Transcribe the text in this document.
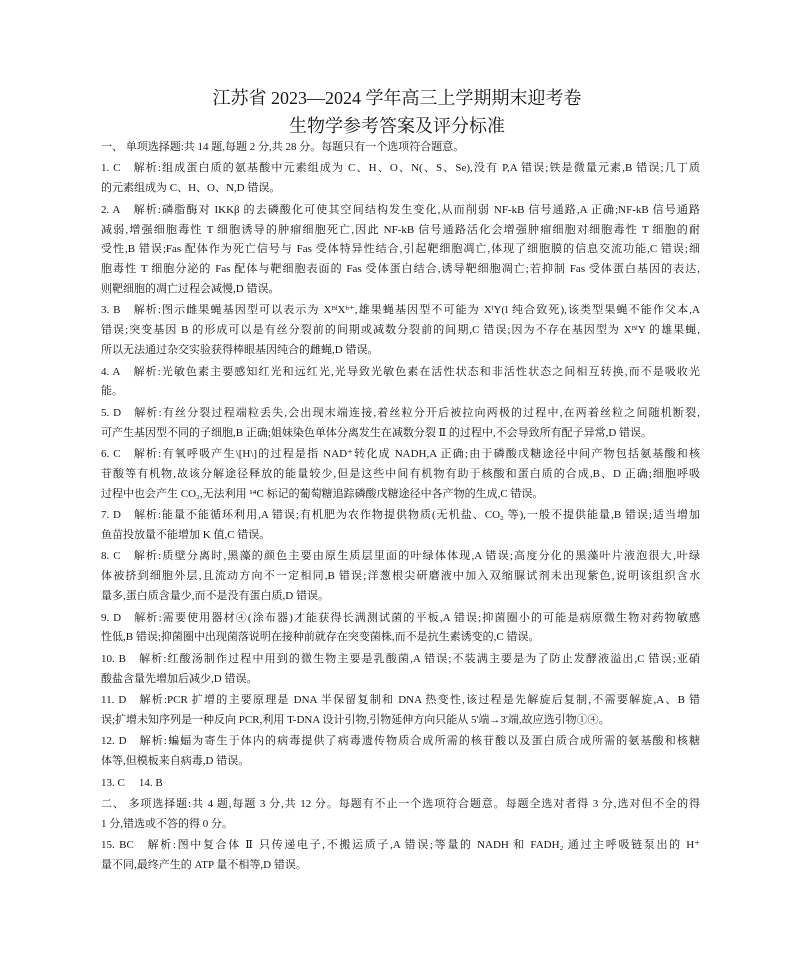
江苏省 2023—2024 学年高三上学期期末迎考卷
生物学参考答案及评分标准
一、 单项选择题:共 14 题,每题 2 分,共 28 分。每题只有一个选项符合题意。
1. C 解析:组成蛋白质的氨基酸中元素组成为 C、H、O、N(、S、Se),没有 P,A 错误;铁是微量元素,B 错误;几丁质
的元素组成为 C、H、O、N,D 错误。
2. A 解析:磷脂酶对 IKKβ 的去磷酸化可使其空间结构发生变化,从而削弱 NF-kB 信号通路,A 正确;NF-kB 信号通路
减弱,增强细胞毒性 T 细胞诱导的肿瘤细胞死亡,因此 NF-kB 信号通路活化会增强肿瘤细胞对细胞毒性 T 细胞的耐
受性,B 错误;Fas 配体作为死亡信号与 Fas 受体特异性结合,引起靶细胞凋亡,体现了细胞膜的信息交流功能,C 错误;细
胞毒性 T 细胞分泌的 Fas 配体与靶细胞表面的 Fas 受体蛋白结合,诱导靶细胞凋亡;若抑制 Fas 受体蛋白基因的表达,
则靶细胞的凋亡过程会减慢,D 错误。
3. B 解析:图示雌果蝇基因型可以表示为 XᴮˡXᵇ⁺,雄果蝇基因型不可能为 XˡY(l 纯合致死),该类型果蝇不能作父本,A
错误;突变基因 B 的形成可以是有丝分裂前的间期或减数分裂前的间期,C 错误;因为不存在基因型为 XᴮˡY 的雄果蝇,
所以无法通过杂交实验获得棒眼基因纯合的雌蝇,D 错误。
4. A 解析:光敏色素主要感知红光和远红光,光导致光敏色素在活性状态和非活性状态之间相互转换,而不是吸收光
能。
5. D 解析:有丝分裂过程端粒丢失,会出现末端连接,着丝粒分开后被拉向两极的过程中,在两着丝粒之间随机断裂,
可产生基因型不同的子细胞,B 正确;姐妹染色单体分离发生在减数分裂 Ⅱ 的过程中,不会导致所有配子异常,D 错误。
6. C 解析:有氧呼吸产生\[H\]的过程是指 NAD⁺转化成 NADH,A 正确;由于磷酸戊糖途径中间产物包括氨基酸和核
苷酸等有机物,故该分解途径释放的能量较少,但是这些中间有机物有助于核酸和蛋白质的合成,B、D 正确;细胞呼吸
过程中也会产生 CO₂,无法利用 ¹⁴C 标记的葡萄糖追踪磷酸戊糖途径中各产物的生成,C 错误。
7. D 解析:能量不能循环利用,A 错误;有机肥为农作物提供物质(无机盐、CO₂ 等),一般不提供能量,B 错误;适当增加
鱼苗投放量不能增加 K 值,C 错误。
8. C 解析:质壁分离时,黑藻的颜色主要由原生质层里面的叶绿体体现,A 错误;高度分化的黑藻叶片液泡很大,叶绿
体被挤到细胞外层,且流动方向不一定相同,B 错误;洋葱根尖研磨液中加入双缩脲试剂未出现紫色,说明该组织含水
量多,蛋白质含量少,而不是没有蛋白质,D 错误。
9. D 解析:需要使用器材④(涂布器)才能获得长满测试菌的平板,A 错误;抑菌圈小的可能是病原微生物对药物敏感
性低,B 错误;抑菌圈中出现菌落说明在接种前就存在突变菌株,而不是抗生素诱变的,C 错误。
10. B 解析:红酸汤制作过程中用到的微生物主要是乳酸菌,A 错误;不装满主要是为了防止发酵液溢出,C 错误;亚硝
酸盐含量先增加后减少,D 错误。
11. D 解析:PCR 扩增的主要原理是 DNA 半保留复制和 DNA 热变性,该过程是先解旋后复制,不需要解旋,A、B 错
误;扩增未知序列是一种反向 PCR,利用 T-DNA 设计引物,引物延伸方向只能从 5'端→3'端,故应选引物①④。
12. D 解析:蝙蝠为寄生于体内的病毒提供了病毒遗传物质合成所需的核苷酸以及蛋白质合成所需的氨基酸和核糖
体等,但模板来自病毒,D 错误。
13. C 14. B
二、 多项选择题:共 4 题,每题 3 分,共 12 分。每题有不止一个选项符合题意。每题全选对者得 3 分,选对但不全的得
1 分,错选或不答的得 0 分。
15. BC 解析:图中复合体 Ⅱ 只传递电子,不搬运质子,A 错误;等量的 NADH 和 FADH₂ 通过主呼吸链泵出的 H⁺
量不同,最终产生的 ATP 量不相等,D 错误。
